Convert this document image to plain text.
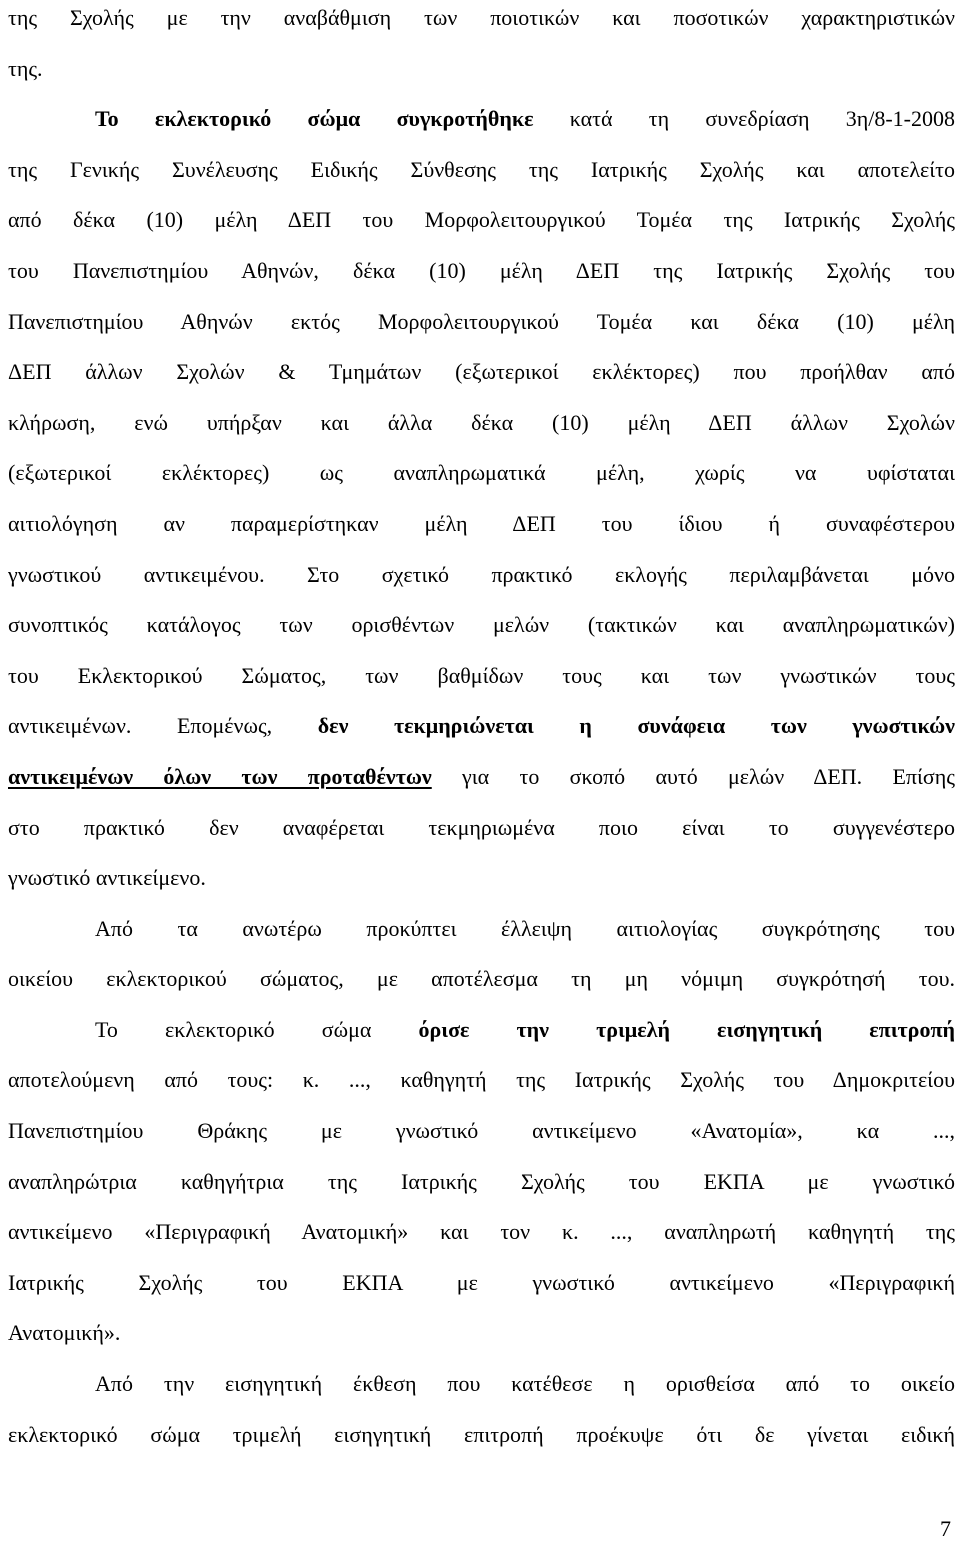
της Σχολής με την αναβάθμιση των ποιοτικών και ποσοτικών χαρακτηριστικών
της.
Το εκλεκτορικό σώμα συγκροτήθηκε κατά τη συνεδρίαση 3η/8-1-2008
της Γενικής Συνέλευσης Ειδικής Σύνθεσης της Ιατρικής Σχολής και αποτελείτο
από δέκα (10) μέλη ΔΕΠ του Μορφολειτουργικού Τομέα της Ιατρικής Σχολής
του Πανεπιστημίου Αθηνών, δέκα (10) μέλη ΔΕΠ της Ιατρικής Σχολής του
Πανεπιστημίου Αθηνών εκτός Μορφολειτουργικού Τομέα και δέκα (10) μέλη
ΔΕΠ άλλων Σχολών & Τμημάτων (εξωτερικοί εκλέκτορες) που προήλθαν από
κλήρωση, ενώ υπήρξαν και άλλα δέκα (10) μέλη ΔΕΠ άλλων Σχολών
(εξωτερικοί εκλέκτορες) ως αναπληρωματικά μέλη, χωρίς να υφίσταται
αιτιολόγηση αν παραμερίστηκαν μέλη ΔΕΠ του ίδιου ή συναφέστερου
γνωστικού αντικειμένου. Στο σχετικό πρακτικό εκλογής περιλαμβάνεται μόνο
συνοπτικός κατάλογος των ορισθέντων μελών (τακτικών και αναπληρωματικών)
του Εκλεκτορικού Σώματος, των βαθμίδων τους και των γνωστικών τους
αντικειμένων. Επομένως, δεν τεκμηριώνεται η συνάφεια των γνωστικών
αντικειμένων όλων των προταθέντων για το σκοπό αυτό μελών ΔΕΠ. Επίσης
στο πρακτικό δεν αναφέρεται τεκμηριωμένα ποιο είναι το συγγενέστερο
γνωστικό αντικείμενο.
Από τα ανωτέρω προκύπτει έλλειψη αιτιολογίας συγκρότησης του
οικείου εκλεκτορικού σώματος, με αποτέλεσμα τη μη νόμιμη συγκρότησή του.
Το εκλεκτορικό σώμα όρισε την τριμελή εισηγητική επιτροπή
αποτελούμενη από τους: κ. ..., καθηγητή της Ιατρικής Σχολής του Δημοκριτείου
Πανεπιστημίου Θράκης με γνωστικό αντικείμενο «Ανατομία», κα ...,
αναπληρώτρια καθηγήτρια της Ιατρικής Σχολής του ΕΚΠΑ με γνωστικό
αντικείμενο «Περιγραφική Ανατομική» και τον κ. ..., αναπληρωτή καθηγητή της
Ιατρικής Σχολής του ΕΚΠΑ με γνωστικό αντικείμενο «Περιγραφική
Ανατομική».
Από την εισηγητική έκθεση που κατέθεσε η ορισθείσα από το οικείο
εκλεκτορικό σώμα τριμελή εισηγητική επιτροπή προέκυψε ότι δε γίνεται ειδική
7
